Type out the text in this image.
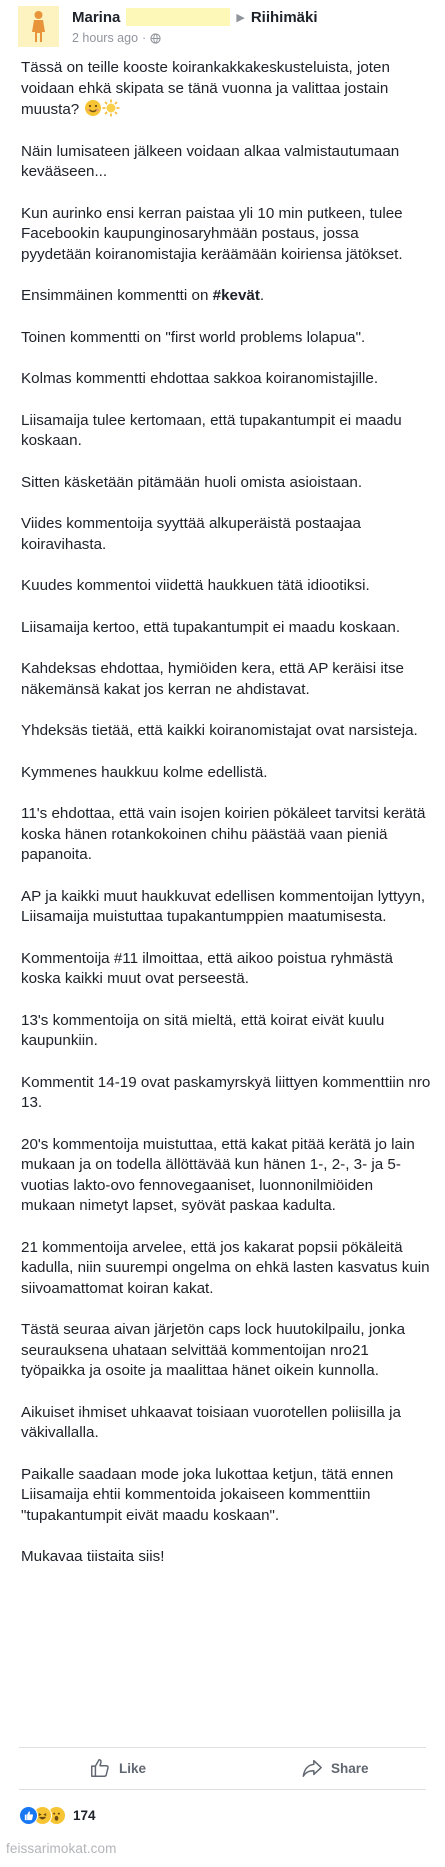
Marina	▶ Riihimäki
2 hours ago ·

Tässä on teille kooste koirankakkakeskusteluista, joten voidaan ehkä skipata se tänä vuonna ja valittaa jostain muusta?

Näin lumisateen jälkeen voidaan alkaa valmistautumaan kevääseen...

Kun aurinko ensi kerran paistaa yli 10 min putkeen, tulee Facebookin kaupunginosaryhmään postaus, jossa pyydetään koiranomistajia keräämään koiriensa jätökset.

Ensimmäinen kommentti on #kevät.

Toinen kommentti on "first world problems lolapua".

Kolmas kommentti ehdottaa sakkoa koiranomistajille.

Liisamaija tulee kertomaan, että tupakantumpit ei maadu koskaan.

Sitten käsketään pitämään huoli omista asioistaan.

Viides kommentoija syyttää alkuperäistä postaajaa koiravihasta.

Kuudes kommentoi viidettä haukkuen tätä idiootiksi.

Liisamaija kertoo, että tupakantumpit ei maadu koskaan.

Kahdeksas ehdottaa, hymiöiden kera, että AP keräisi itse näkemänsä kakat jos kerran ne ahdistavat.

Yhdeksäs tietää, että kaikki koiranomistajat ovat narsisteja.

Kymmenes haukkuu kolme edellistä.

11's ehdottaa, että vain isojen koirien pökäleet tarvitsi kerätä koska hänen rotankokoinen chihu päästää vaan pieniä papanoita.

AP ja kaikki muut haukkuvat edellisen kommentoijan lyttyyn, Liisamaija muistuttaa tupakantumppien maatumisesta.

Kommentoija #11 ilmoittaa, että aikoo poistua ryhmästä koska kaikki muut ovat perseestä.

13's kommentoija on sitä mieltä, että koirat eivät kuulu kaupunkiin.

Kommentit 14-19 ovat paskamyrskyä liittyen kommenttiin nro 13.

20's kommentoija muistuttaa, että kakat pitää kerätä jo lain mukaan ja on todella ällöttävää kun hänen 1-, 2-, 3- ja 5-vuotias lakto-ovo fennovegaaniset, luonnonilmiöiden mukaan nimetyt lapset, syövät paskaa kadulta.

21 kommentoija arvelee, että jos kakarat popsii pökäleitä kadulla, niin suurempi ongelma on ehkä lasten kasvatus kuin siivoamattomat koiran kakat.

Tästä seuraa aivan järjetön caps lock huutokilpailu, jonka seurauksena uhataan selvittää kommentoijan nro21 työpaikka ja osoite ja maalittaa hänet oikein kunnolla.

Aikuiset ihmiset uhkaavat toisiaan vuorotellen poliisilla ja väkivallalla.

Paikalle saadaan mode joka lukottaa ketjun, tätä ennen Liisamaija ehtii kommentoida jokaiseen kommenttiin "tupakantumpit eivät maadu koskaan".

Mukavaa tiistaita siis!

Like	Share
174
feissarimokat.com
